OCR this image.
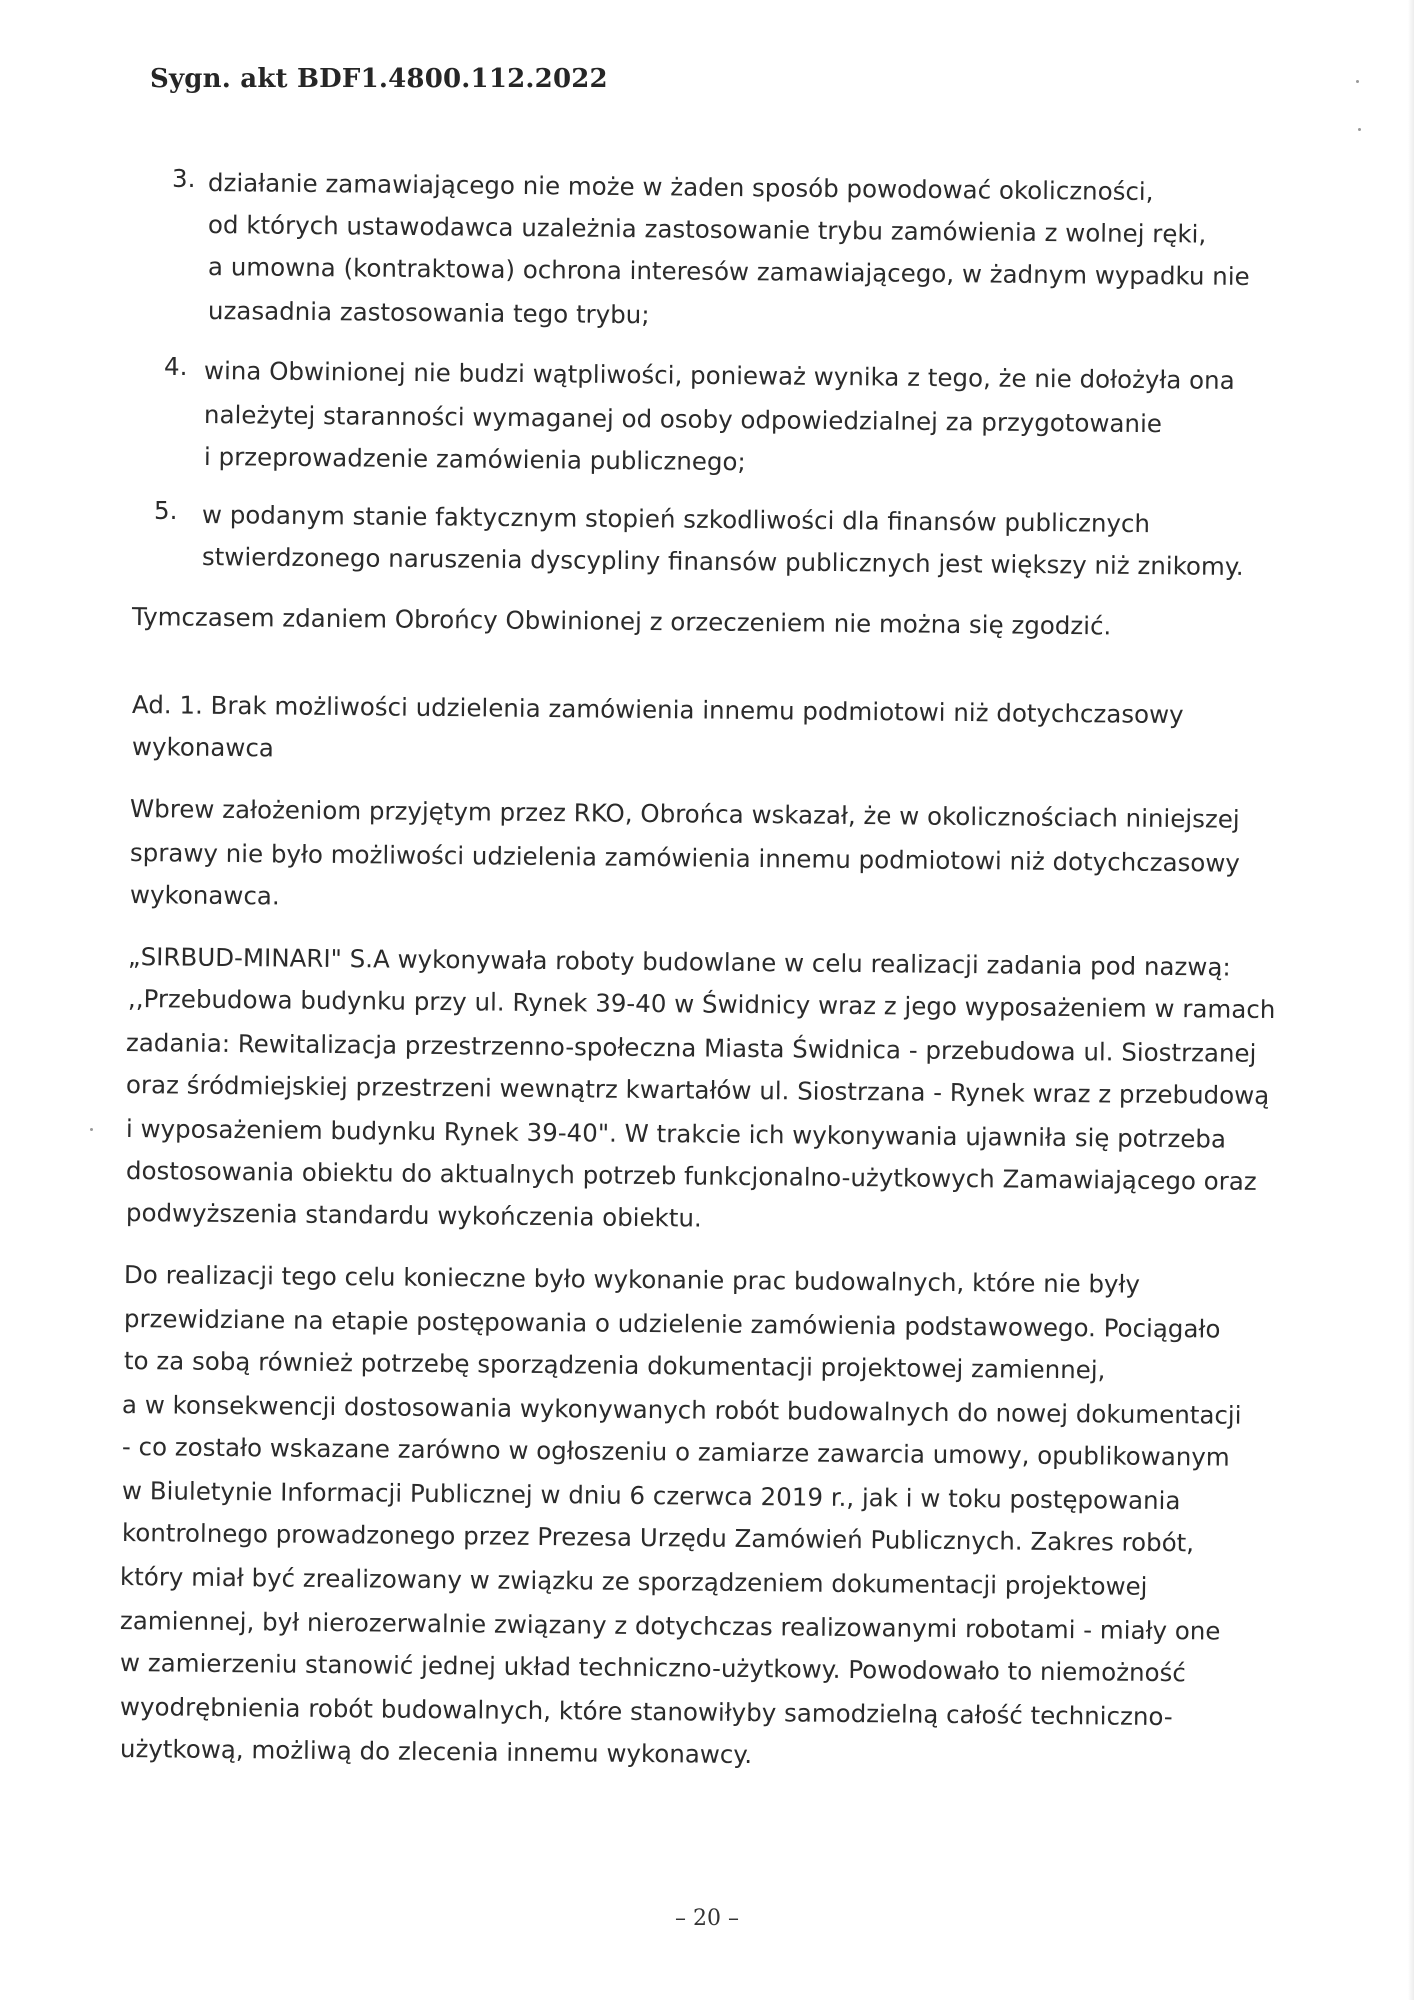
Sygn. akt BDF1.4800.112.2022
3. działanie zamawiającego nie może w żaden sposób powodować okoliczności,
od których ustawodawca uzależnia zastosowanie trybu zamówienia z wolnej ręki,
a umowna (kontraktowa) ochrona interesów zamawiającego, w żadnym wypadku nie
uzasadnia zastosowania tego trybu;
4. wina Obwinionej nie budzi wątpliwości, ponieważ wynika z tego, że nie dołożyła ona
należytej staranności wymaganej od osoby odpowiedzialnej za przygotowanie
i przeprowadzenie zamówienia publicznego;
5. w podanym stanie faktycznym stopień szkodliwości dla finansów publicznych
stwierdzonego naruszenia dyscypliny finansów publicznych jest większy niż znikomy.
Tymczasem zdaniem Obrońcy Obwinionej z orzeczeniem nie można się zgodzić.
Ad. 1. Brak możliwości udzielenia zamówienia innemu podmiotowi niż dotychczasowy
wykonawca
Wbrew założeniom przyjętym przez RKO, Obrońca wskazał, że w okolicznościach niniejszej
sprawy nie było możliwości udzielenia zamówienia innemu podmiotowi niż dotychczasowy
wykonawca.
„SIRBUD-MINARI" S.A wykonywała roboty budowlane w celu realizacji zadania pod nazwą:
,,Przebudowa budynku przy ul. Rynek 39-40 w Świdnicy wraz z jego wyposażeniem w ramach
zadania: Rewitalizacja przestrzenno-społeczna Miasta Świdnica - przebudowa ul. Siostrzanej
oraz śródmiejskiej przestrzeni wewnątrz kwartałów ul. Siostrzana - Rynek wraz z przebudową
i wyposażeniem budynku Rynek 39-40". W trakcie ich wykonywania ujawniła się potrzeba
dostosowania obiektu do aktualnych potrzeb funkcjonalno-użytkowych Zamawiającego oraz
podwyższenia standardu wykończenia obiektu.
Do realizacji tego celu konieczne było wykonanie prac budowalnych, które nie były
przewidziane na etapie postępowania o udzielenie zamówienia podstawowego. Pociągało
to za sobą również potrzebę sporządzenia dokumentacji projektowej zamiennej,
a w konsekwencji dostosowania wykonywanych robót budowalnych do nowej dokumentacji
- co zostało wskazane zarówno w ogłoszeniu o zamiarze zawarcia umowy, opublikowanym
w Biuletynie Informacji Publicznej w dniu 6 czerwca 2019 r., jak i w toku postępowania
kontrolnego prowadzonego przez Prezesa Urzędu Zamówień Publicznych. Zakres robót,
który miał być zrealizowany w związku ze sporządzeniem dokumentacji projektowej
zamiennej, był nierozerwalnie związany z dotychczas realizowanymi robotami - miały one
w zamierzeniu stanowić jednej układ techniczno-użytkowy. Powodowało to niemożność
wyodrębnienia robót budowalnych, które stanowiłyby samodzielną całość techniczno-
użytkową, możliwą do zlecenia innemu wykonawcy.
– 20 –
